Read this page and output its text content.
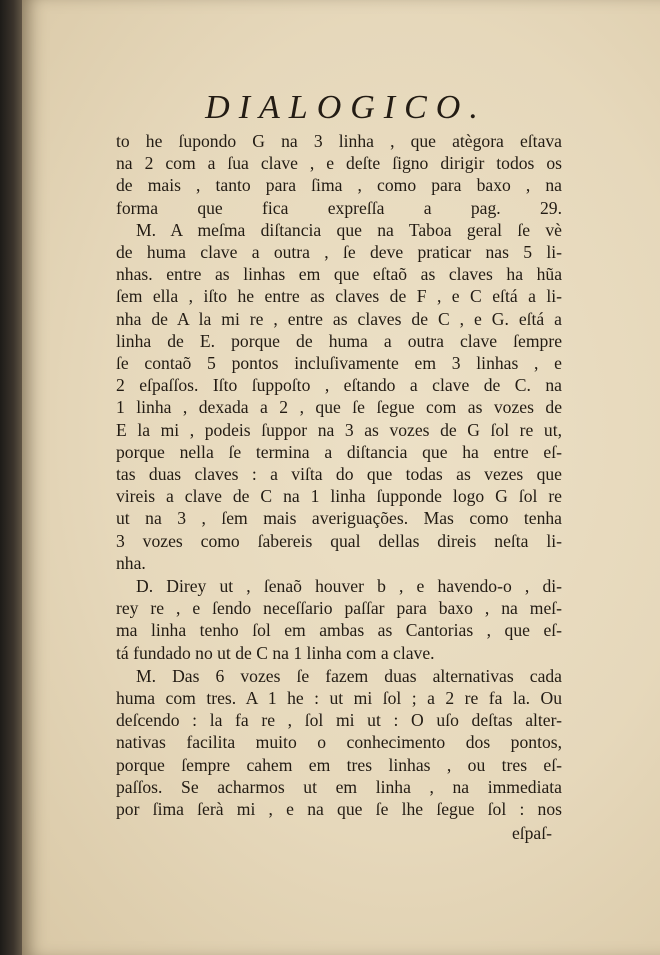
DIALOGICO.
to he ſupondo G na 3 linha , que atègora eſtava
na 2 com a ſua clave , e deſte ſigno dirigir todos os
de mais , tanto para ſima , como para baxo , na
forma que fica expreſſa a pag. 29.
M. A meſma diſtancia que na Taboa geral ſe vè
de huma clave a outra , ſe deve praticar nas 5 li-
nhas. entre as linhas em que eſtaõ as claves ha hũa
ſem ella , iſto he entre as claves de F , e C eſtá a li-
nha de A la mi re , entre as claves de C , e G. eſtá a
linha de E. porque de huma a outra clave ſempre
ſe contaõ 5 pontos incluſivamente em 3 linhas , e
2 eſpaſſos. Iſto ſuppoſto , eſtando a clave de C. na
1 linha , dexada a 2 , que ſe ſegue com as vozes de
E la mi , podeis ſuppor na 3 as vozes de G ſol re ut,
porque nella ſe termina a diſtancia que ha entre eſ-
tas duas claves : a viſta do que todas as vezes que
vireis a clave de C na 1 linha ſupponde logo G ſol re
ut na 3 , ſem mais averiguações. Mas como tenha
3 vozes como ſabereis qual dellas direis neſta li-
nha.
D. Direy ut , ſenaõ houver b , e havendo-o , di-
rey re , e ſendo neceſſario paſſar para baxo , na meſ-
ma linha tenho ſol em ambas as Cantorias , que eſ-
tá fundado no ut de C na 1 linha com a clave.
M. Das 6 vozes ſe fazem duas alternativas cada
huma com tres. A 1 he : ut mi ſol ; a 2 re fa la. Ou
deſcendo : la fa re , ſol mi ut : O uſo deſtas alter-
nativas facilita muito o conhecimento dos pontos,
porque ſempre cahem em tres linhas , ou tres eſ-
paſſos. Se acharmos ut em linha , na immediata
por ſima ſerà mi , e na que ſe lhe ſegue ſol : nos
eſpaſ-
